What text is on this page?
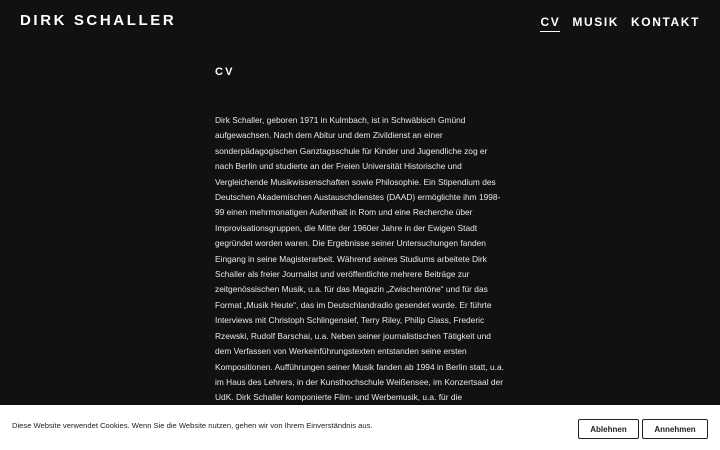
DIRK SCHALLER	CV MUSIK KONTAKT
CV

Dirk Schaller, geboren 1971 in Kulmbach, ist in Schwäbisch Gmünd aufgewachsen. Nach dem Abitur und dem Zivildienst an einer sonderpädagogischen Ganztagsschule für Kinder und Jugendliche zog er nach Berlin und studierte an der Freien Universität Historische und Vergleichende Musikwissenschaften sowie Philosophie. Ein Stipendium des Deutschen Akademischen Austauschdienstes (DAAD) ermöglichte ihm 1998-99 einen mehrmonatigen Aufenthalt in Rom und eine Recherche über Improvisationsgruppen, die Mitte der 1960er Jahre in der Ewigen Stadt gegründet worden waren. Die Ergebnisse seiner Untersuchungen fanden Eingang in seine Magisterarbeit. Während seines Studiums arbeitete Dirk Schaller als freier Journalist und veröffentlichte mehrere Beiträge zur zeitgenössischen Musik, u.a. für das Magazin „Zwischentöne“ und für das Format „Musik Heute“, das im Deutschlandradio gesendet wurde. Er führte Interviews mit Christoph Schlingensief, Terry Riley, Philip Glass, Frederic Rzewski, Rudolf Barschai, u.a. Neben seiner journalistischen Tätigkeit und dem Verfassen von Werkeinführungstexten entstanden seine ersten Kompositionen. Aufführungen seiner Musik fanden ab 1994 in Berlin statt, u.a. im Haus des Lehrers, in der Kunsthochschule Weißensee, im Konzertsaal der UdK. Dirk Schaller komponierte Film- und Werbemusik, u.a. für die

Diese Website verwendet Cookies. Wenn Sie die Website nutzen, gehen wir von Ihrem Einverständnis aus.	Ablehnen	Annehmen
